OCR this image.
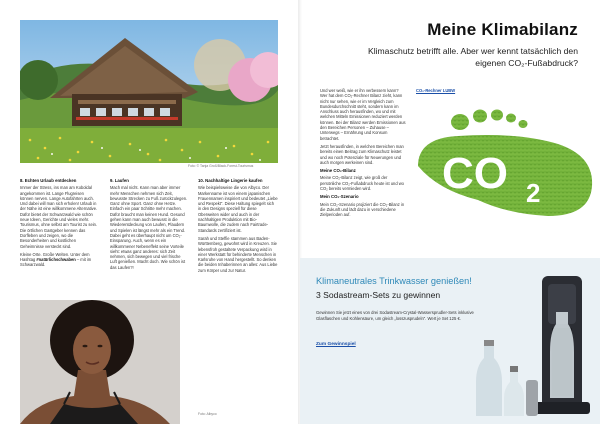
Foto: © Tanja Groß/Black-Forest-Tourismus
8. Echten Urlaub entdecken

Immer der Stress, ins man am Koboldal angekommen ist. Lange Flugreisen können nerven. Lange Autofahrten auch. Und dabei will man sich erholen! Urlaub in der Nähe ist eine willkommene Alternative. Dafür bietet der Schwarzwald wie schön neue Ideen, Gerichte und vieles mehr. Tourismus, ohne selbst am Tourist zu sein. Die örtlichen Gastgeber kennen das Dorfleben und zeigen, wo die Besonderheiten und kostlichen Geheimnisse versteckt sind.

Kleine Orte. Große Welten. Unter dem Hashtag #natürlichschwaben – mit im Schwarzwald.

9. Laufen

Mach mal nicht. Kann man aber immer mehr Menschen nehmen sich Zeit, bewusste Strecken zu Fuß zurückzulegen. Ganz ohne Sport. Ganz ohne Hetze. Einfach ein paar Schritte mehr machen. Dafür braucht man keinen Hund. Gesund gehen kann man auch bewusst in die Wiederentdeckung von Laufen, Plaudern und Spielen ist längst mehr als ein Trend. Dabei geht es überhaupt nicht um CO₂-Einsparung. Auch, wenn es ein willkommener Nebeneffekt seine Vorteile sieht: etwas ganz anderes: sich Zeit nehmen, sich bewegen und viel frische Luft genießen. Macht doch. Wie schön ist das Laufen?!

10. Nachhaltige Lingerie kaufen

Wie beispielsweise die von Albyco. Der Markenname ist von einem japanischen Frauennamen inspiriert und bedeutet „Liebe und Respekt“. Diese Haltung spiegelt sich in den Designs speziell für diese Oberweiten wider und auch in der nachhaltigen Produktion mit Bio-Baumwolle, die zudem nach Fairtrade-Standards zertifiziert ist.

Sarah und Steffie stammen aus Baden-Württemberg, gewohnt wird in Kreuzen. Sie lebensfroh gestaltete Verpackung wird in einer Werkstatt für behinderte Menschen in Karlsruhe von Hand hergestellt. So denken die beiden Inhaberinnen an alles: Aus Liebe zum Körper und zur Natur.

Foto: Albyco
Meine Klimabilanz
Klimaschutz betrifft alle. Aber wer kennt tatsächlich den eigenen CO₂-Fußabdruck?

Und wer weiß, wie er ihn verbessern kann? Wer hat dem CO₂-Rechner Bilanz zieht, kann nicht nur sehen, wie er im Vergleich zum Bundesdurchschnitt steht, sondern kann im Anschluss auch herausfinden, wo und mit welchen Mitteln Emissionen reduziert werden können. Bei der Bilanz werden Emissionen aus den Bereichen Personen – Zuhause – Unterwegs – Ernährung und Konsum betrachtet.

Jetzt herausfinden, in welchen Bereichen man bereits einen Beitrag zum Klimaschutz leistet und wo noch Potenziale für Neuerungen und auch morgen werkeinen sind.

Meine CO₂-Bilanz

Meine CO₂-Bilanz zeigt, wie groß der persönliche CO₂-Fußabdruck heute ist und wo CO₂ bereits vermieden wird.

Mein CO₂-Szenario

Mein CO₂-Szenario projiziert die CO₂-Bilanz in die Zukunft und lädt dazu in verschiedene Zielperioden auf.

CO₂-Rechner LUBW
CO 2
Klimaneutrales Trinkwasser genießen!
3 Sodastream-Sets zu gewinnen
Gewinnen Sie jetzt eines von drei Sodastream-Crystal-Wassersprudler-Sets inklusive Glasflaschen und Kohlensäure, um gleich „losszusprudeln“. Wert je Set 125 €.
Zum Gewinnspiel
